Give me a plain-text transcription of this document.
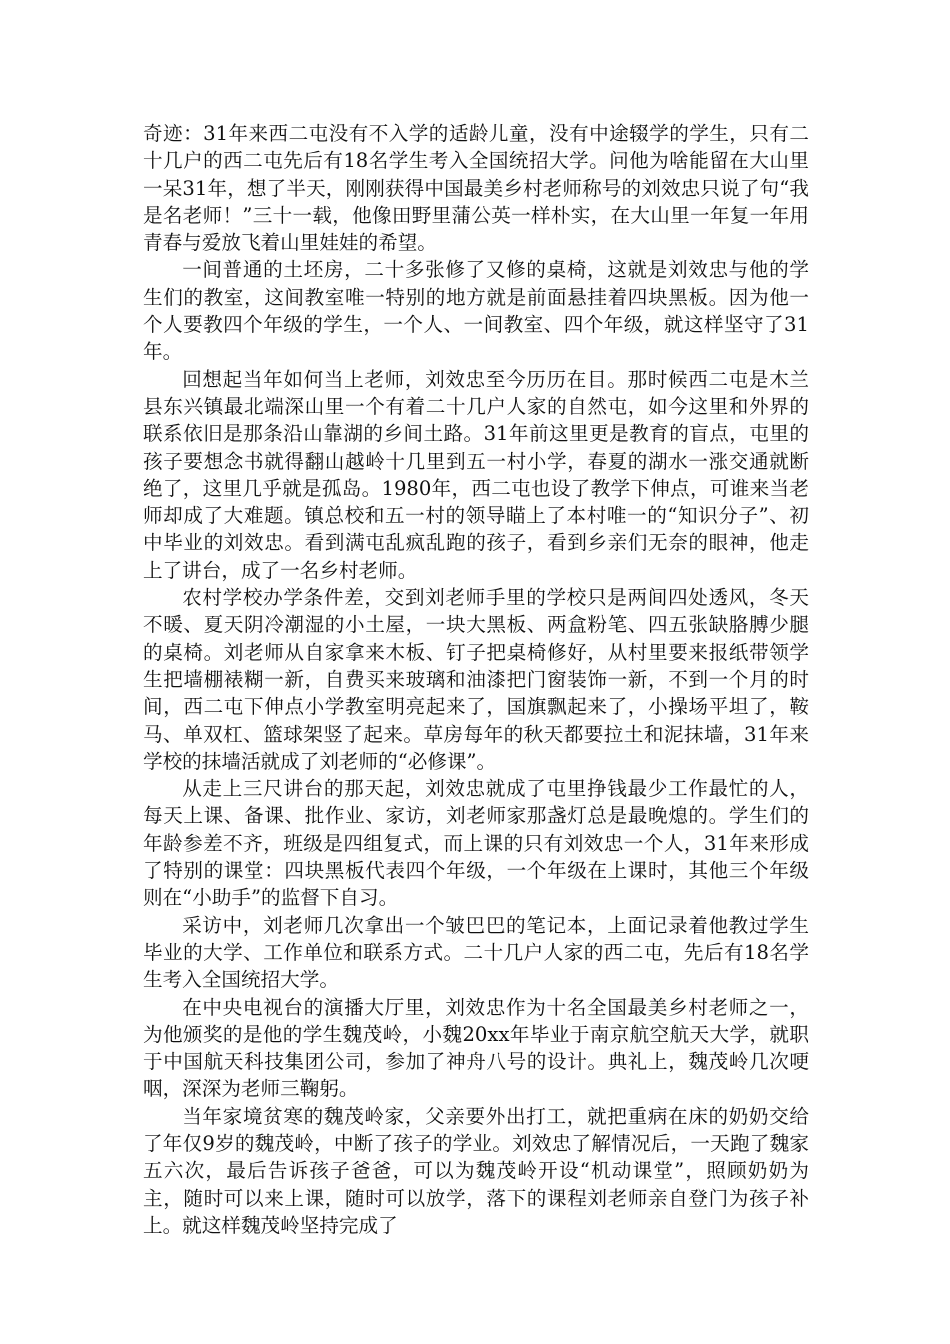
奇迹：31年来西二屯没有不入学的适龄儿童，没有中途辍学的学生，只有二十几户的西二屯先后有18名学生考入全国统招大学。问他为啥能留在大山里一呆31年，想了半天，刚刚获得中国最美乡村老师称号的刘效忠只说了句“我是名老师！”三十一载，他像田野里蒲公英一样朴实，在大山里一年复一年用青春与爱放飞着山里娃娃的希望。

一间普通的土坯房，二十多张修了又修的桌椅，这就是刘效忠与他的学生们的教室，这间教室唯一特别的地方就是前面悬挂着四块黑板。因为他一个人要教四个年级的学生，一个人、一间教室、四个年级，就这样坚守了31年。

回想起当年如何当上老师，刘效忠至今历历在目。那时候西二屯是木兰县东兴镇最北端深山里一个有着二十几户人家的自然屯，如今这里和外界的联系依旧是那条沿山靠湖的乡间土路。31年前这里更是教育的盲点，屯里的孩子要想念书就得翻山越岭十几里到五一村小学，春夏的湖水一涨交通就断绝了，这里几乎就是孤岛。1980年，西二屯也设了教学下伸点，可谁来当老师却成了大难题。镇总校和五一村的领导瞄上了本村唯一的“知识分子”、初中毕业的刘效忠。看到满屯乱疯乱跑的孩子，看到乡亲们无奈的眼神，他走上了讲台，成了一名乡村老师。

农村学校办学条件差，交到刘老师手里的学校只是两间四处透风，冬天不暖、夏天阴冷潮湿的小土屋，一块大黑板、两盒粉笔、四五张缺胳膊少腿的桌椅。刘老师从自家拿来木板、钉子把桌椅修好，从村里要来报纸带领学生把墙棚裱糊一新，自费买来玻璃和油漆把门窗装饰一新，不到一个月的时间，西二屯下伸点小学教室明亮起来了，国旗飘起来了，小操场平坦了，鞍马、单双杠、篮球架竖了起来。草房每年的秋天都要拉土和泥抹墙，31年来学校的抹墙活就成了刘老师的“必修课”。

从走上三尺讲台的那天起，刘效忠就成了屯里挣钱最少工作最忙的人，每天上课、备课、批作业、家访，刘老师家那盏灯总是最晚熄的。学生们的年龄参差不齐，班级是四组复式，而上课的只有刘效忠一个人，31年来形成了特别的课堂：四块黑板代表四个年级，一个年级在上课时，其他三个年级则在“小助手”的监督下自习。

采访中，刘老师几次拿出一个皱巴巴的笔记本，上面记录着他教过学生毕业的大学、工作单位和联系方式。二十几户人家的西二屯，先后有18名学生考入全国统招大学。

在中央电视台的演播大厅里，刘效忠作为十名全国最美乡村老师之一，为他颁奖的是他的学生魏茂岭，小魏20xx年毕业于南京航空航天大学，就职于中国航天科技集团公司，参加了神舟八号的设计。典礼上，魏茂岭几次哽咽，深深为老师三鞠躬。

当年家境贫寒的魏茂岭家，父亲要外出打工，就把重病在床的奶奶交给了年仅9岁的魏茂岭，中断了孩子的学业。刘效忠了解情况后，一天跑了魏家五六次，最后告诉孩子爸爸，可以为魏茂岭开设“机动课堂”，照顾奶奶为主，随时可以来上课，随时可以放学，落下的课程刘老师亲自登门为孩子补上。就这样魏茂岭坚持完成了
